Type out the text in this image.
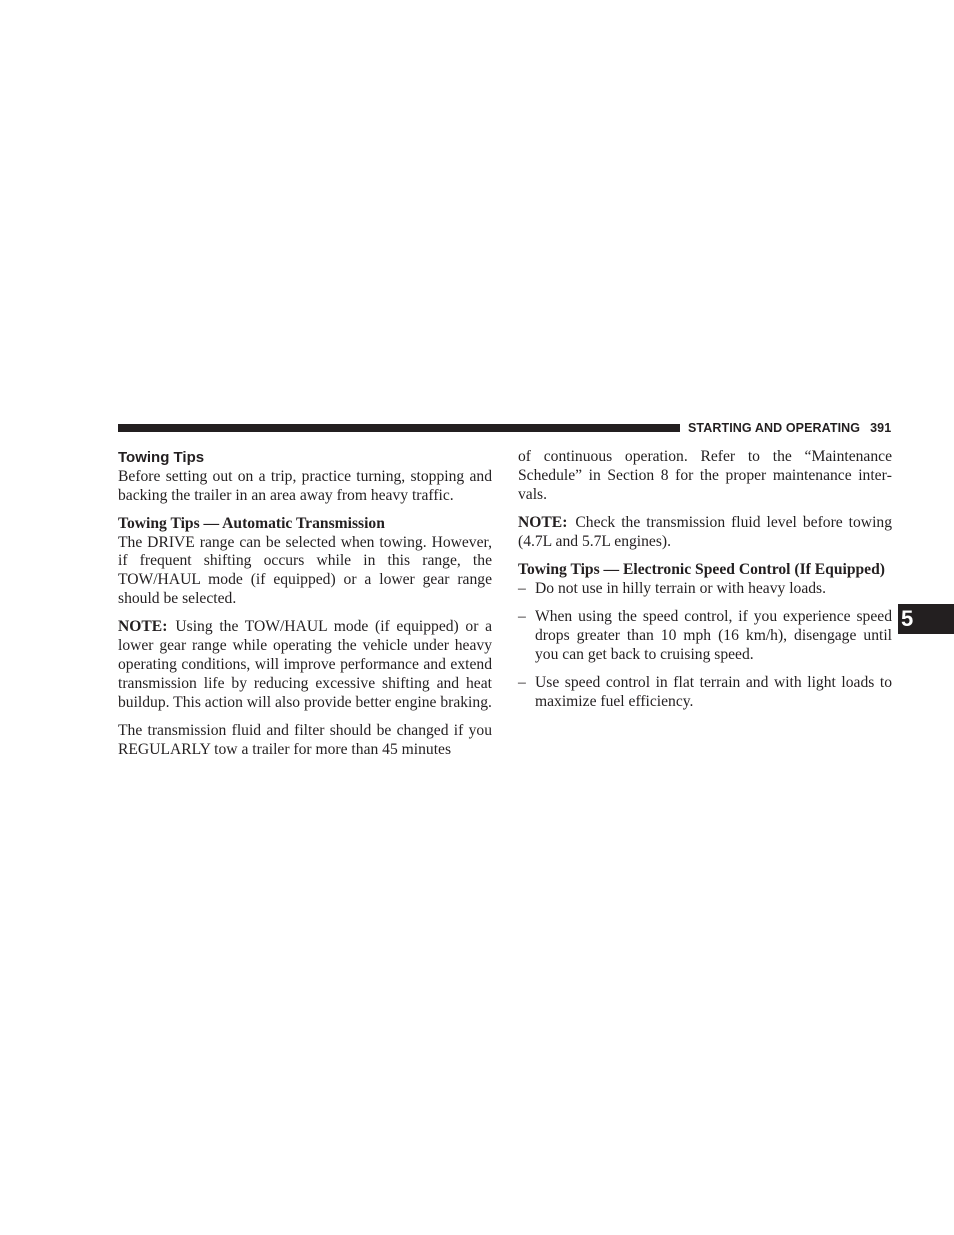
STARTING AND OPERATING 391
5
Towing Tips

Before setting out on a trip, practice turning, stopping and backing the trailer in an area away from heavy traffic.

Towing Tips — Automatic Transmission

The DRIVE range can be selected when towing. However, if frequent shifting occurs while in this range, the TOW/HAUL mode (if equipped) or a lower gear range should be selected.

NOTE: Using the TOW/HAUL mode (if equipped) or a lower gear range while operating the vehicle under heavy operating conditions, will improve performance and extend transmission life by reducing excessive shifting and heat buildup. This action will also provide better engine braking.

The transmission fluid and filter should be changed if you REGULARLY tow a trailer for more than 45 minutes

of continuous operation. Refer to the “Maintenance Schedule” in Section 8 for the proper maintenance intervals.

NOTE: Check the transmission fluid level before towing (4.7L and 5.7L engines).

Towing Tips — Electronic Speed Control (If Equipped)
– Do not use in hilly terrain or with heavy loads.
– When using the speed control, if you experience speed drops greater than 10 mph (16 km/h), disengage until you can get back to cruising speed.
– Use speed control in flat terrain and with light loads to maximize fuel efficiency.
